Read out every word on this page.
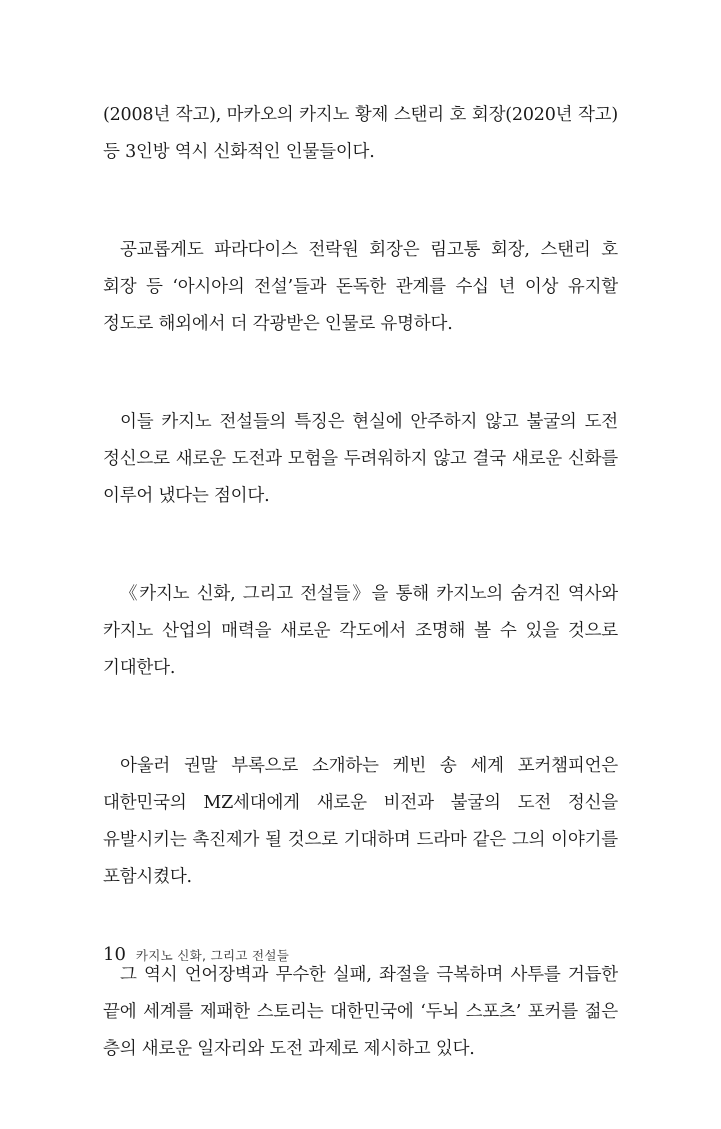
(2008년 작고), 마카오의 카지노 황제 스탠리 호 회장(2020년 작고) 등 3인방 역시 신화적인 인물들이다.

공교롭게도 파라다이스 전락원 회장은 림고통 회장, 스탠리 호 회장 등 ‘아시아의 전설’들과 돈독한 관계를 수십 년 이상 유지할 정도로 해외에서 더 각광받은 인물로 유명하다.

이들 카지노 전설들의 특징은 현실에 안주하지 않고 불굴의 도전 정신으로 새로운 도전과 모험을 두려워하지 않고 결국 새로운 신화를 이루어 냈다는 점이다.

《카지노 신화, 그리고 전설들》을 통해 카지노의 숨겨진 역사와 카지노 산업의 매력을 새로운 각도에서 조명해 볼 수 있을 것으로 기대한다.

아울러 권말 부록으로 소개하는 케빈 송 세계 포커챔피언은 대한민국의 MZ세대에게 새로운 비전과 불굴의 도전 정신을 유발시키는 촉진제가 될 것으로 기대하며 드라마 같은 그의 이야기를 포함시켰다.

그 역시 언어장벽과 무수한 실패, 좌절을 극복하며 사투를 거듭한 끝에 세계를 제패한 스토리는 대한민국에 ‘두뇌 스포츠’ 포커를 젊은 층의 새로운 일자리와 도전 과제로 제시하고 있다.

10 카지노 신화, 그리고 전설들
